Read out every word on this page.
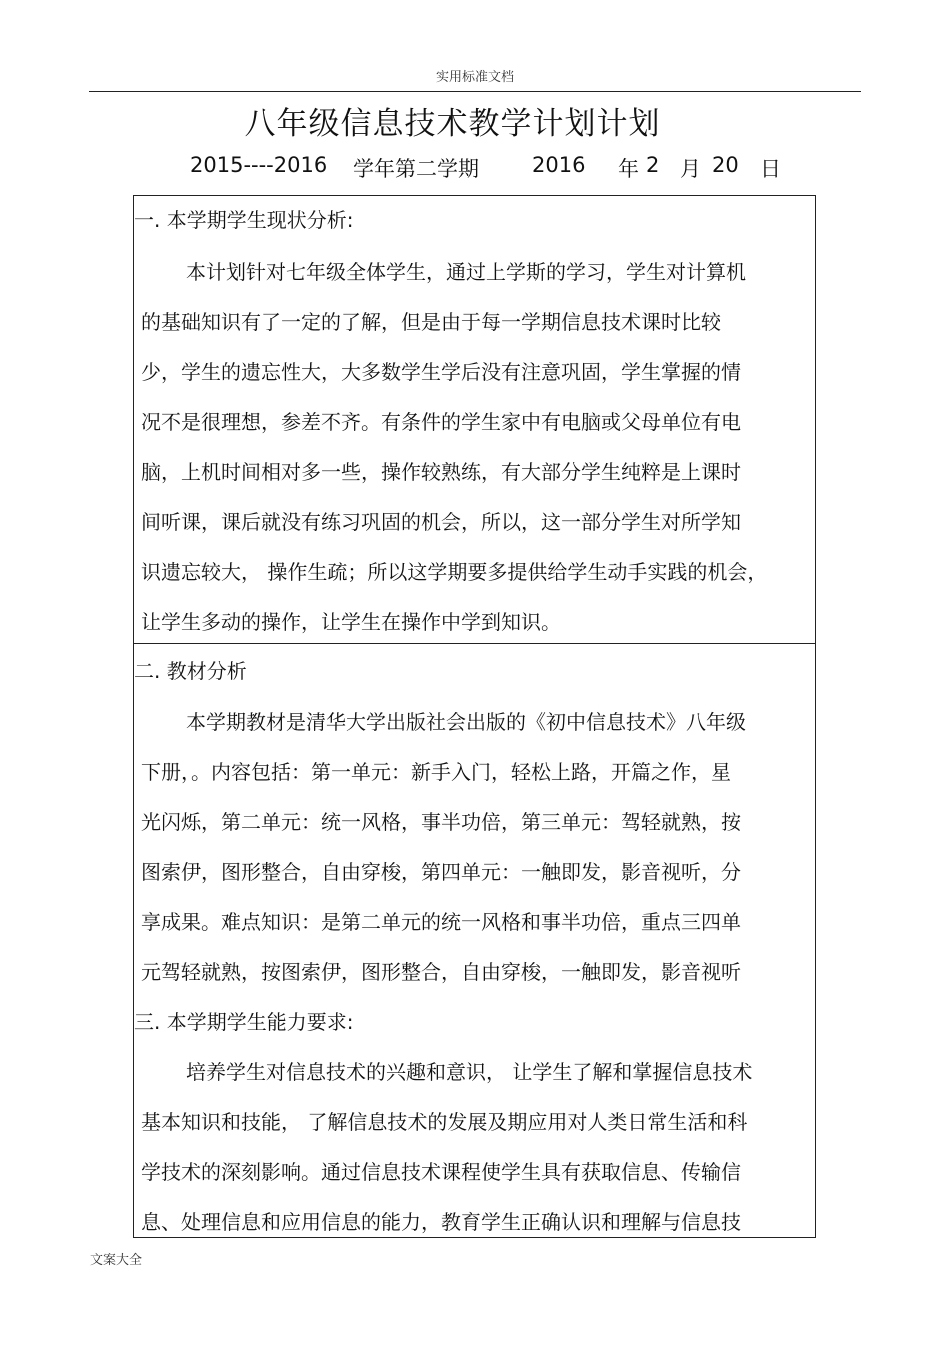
实用标准文档
八年级信息技术教学计划计划
2015----2016 学年第二学期	2016 年 2 月 20 日
一. 本学期学生现状分析:
本计划针对七年级全体学生，通过上学斯的学习，学生对计算机
的基础知识有了一定的了解，但是由于每一学期信息技术课时比较
少，学生的遗忘性大，大多数学生学后没有注意巩固，学生掌握的情
况不是很理想，参差不齐。有条件的学生家中有电脑或父母单位有电
脑，上机时间相对多一些，操作较熟练，有大部分学生纯粹是上课时
间听课，课后就没有练习巩固的机会，所以，这一部分学生对所学知
识遗忘较大， 操作生疏；所以这学期要多提供给学生动手实践的机会，
让学生多动的操作，让学生在操作中学到知识。
二. 教材分析
本学期教材是清华大学出版社会出版的《初中信息技术》八年级
下册，。内容包括：第一单元：新手入门，轻松上路，开篇之作，星
光闪烁，第二单元：统一风格，事半功倍，第三单元：驾轻就熟，按
图索伊，图形整合，自由穿梭，第四单元：一触即发，影音视听，分
享成果。难点知识：是第二单元的统一风格和事半功倍，重点三四单
元驾轻就熟，按图索伊，图形整合，自由穿梭，一触即发，影音视听
三. 本学期学生能力要求:
培养学生对信息技术的兴趣和意识， 让学生了解和掌握信息技术
基本知识和技能， 了解信息技术的发展及期应用对人类日常生活和科
学技术的深刻影响。通过信息技术课程使学生具有获取信息、传输信
息、处理信息和应用信息的能力，教育学生正确认识和理解与信息技
文案大全
